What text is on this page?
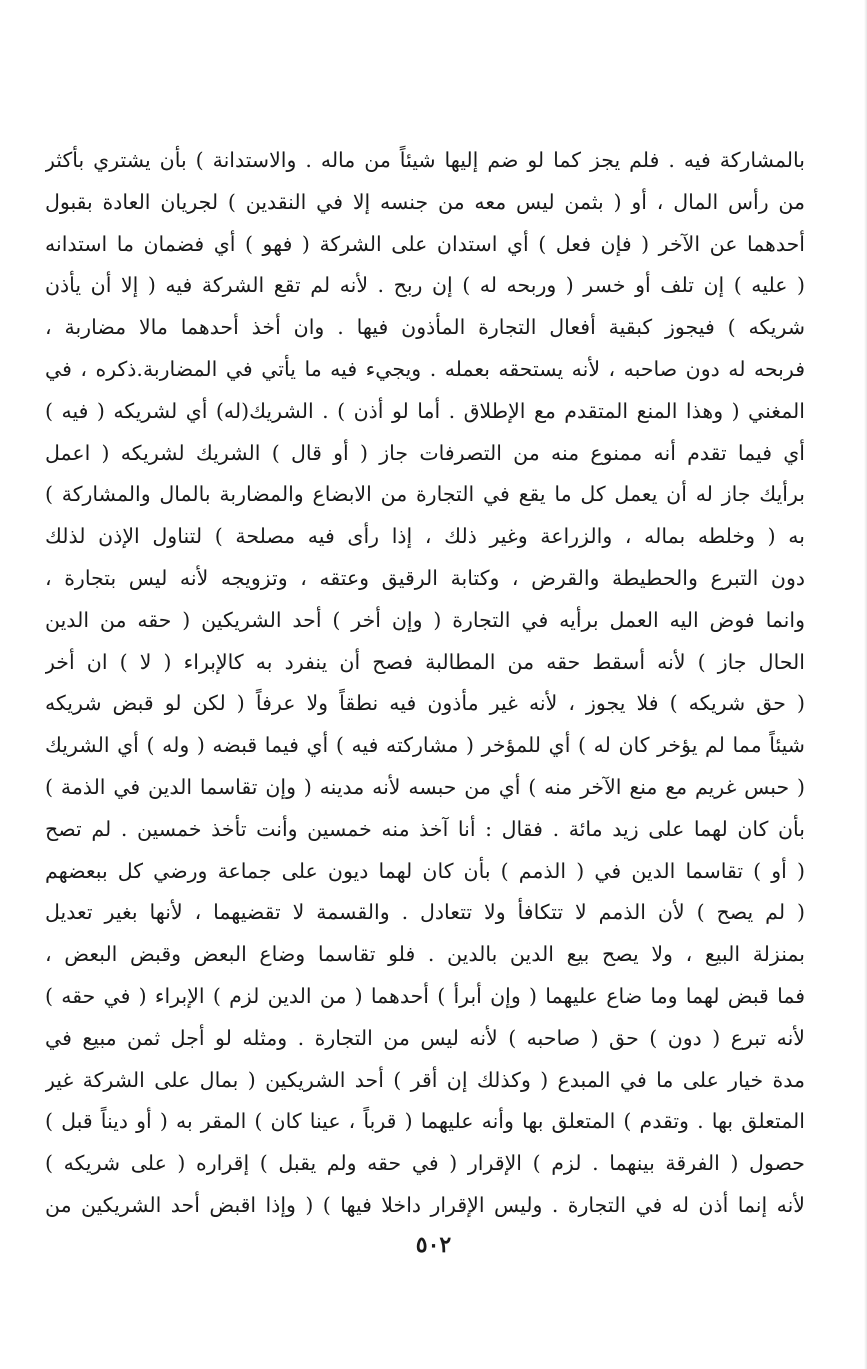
بالمشاركة فيه . فلم يجز كما لو ضم إليها شيئاً من ماله . والاستدانة ) بأن يشتري بأكثر
من رأس المال ، أو ( بثمن ليس معه من جنسه إلا في النقدين ) لجريان العادة بقبول
أحدهما عن الآخر ( فإن فعل ) أي استدان على الشركة ( فهو ) أي فضمان ما استدانه
( عليه ) إن تلف أو خسر ( وربحه له ) إن ربح . لأنه لم تقع الشركة فيه ( إلا أن يأذن
شريكه ) فيجوز كبقية أفعال التجارة المأذون فيها . وان أخذ أحدهما مالا مضاربة ،
فربحه له دون صاحبه ، لأنه يستحقه بعمله . ويجيء فيه ما يأتي في المضاربة.ذكره ، في
المغني ( وهذا المنع المتقدم مع الإطلاق . أما لو أذن ) . الشريك(له) أي لشريكه ( فيه )
أي فيما تقدم أنه ممنوع منه من التصرفات جاز ( أو قال ) الشريك لشريكه ( اعمل
برأيك جاز له أن يعمل كل ما يقع في التجارة من الابضاع والمضاربة بالمال والمشاركة )
به ( وخلطه بماله ، والزراعة وغير ذلك ، إذا رأى فيه مصلحة ) لتناول الإذن لذلك
دون التبرع والحطيطة والقرض ، وكتابة الرقيق وعتقه ، وتزويجه لأنه ليس بتجارة ،
وانما فوض اليه العمل برأيه في التجارة ( وإن أخر ) أحد الشريكين ( حقه من الدين
الحال جاز ) لأنه أسقط حقه من المطالبة فصح أن ينفرد به كالإبراء ( لا ) ان أخر
( حق شريكه ) فلا يجوز ، لأنه غير مأذون فيه نطقاً ولا عرفاً ( لكن لو قبض شريكه
شيئاً مما لم يؤخر كان له ) أي للمؤخر ( مشاركته فيه ) أي فيما قبضه ( وله ) أي الشريك
( حبس غريم مع منع الآخر منه ) أي من حبسه لأنه مدينه ( وإن تقاسما الدين في الذمة )
بأن كان لهما على زيد مائة . فقال : أنا آخذ منه خمسين وأنت تأخذ خمسين . لم تصح
( أو ) تقاسما الدين في ( الذمم ) بأن كان لهما ديون على جماعة ورضي كل ببعضهم
( لم يصح ) لأن الذمم لا تتكافأ ولا تتعادل . والقسمة لا تقضيهما ، لأنها بغير تعديل
بمنزلة البيع ، ولا يصح بيع الدين بالدين . فلو تقاسما وضاع البعض وقبض البعض ،
فما قبض لهما وما ضاع عليهما ( وإن أبرأ ) أحدهما ( من الدين لزم ) الإبراء ( في حقه )
لأنه تبرع ( دون ) حق ( صاحبه ) لأنه ليس من التجارة . ومثله لو أجل ثمن مبيع في
مدة خيار على ما في المبدع ( وكذلك إن أقر ) أحد الشريكين ( بمال على الشركة غير
المتعلق بها . وتقدم ) المتعلق بها وأنه عليهما ( قرباً ، عينا كان ) المقر به ( أو ديناً قبل )
حصول ( الفرقة بينهما . لزم ) الإقرار ( في حقه ولم يقبل ) إقراره ( على شريكه )
لأنه إنما أذن له في التجارة . وليس الإقرار داخلا فيها ) ( وإذا اقبض أحد الشريكين من
٥٠٢
